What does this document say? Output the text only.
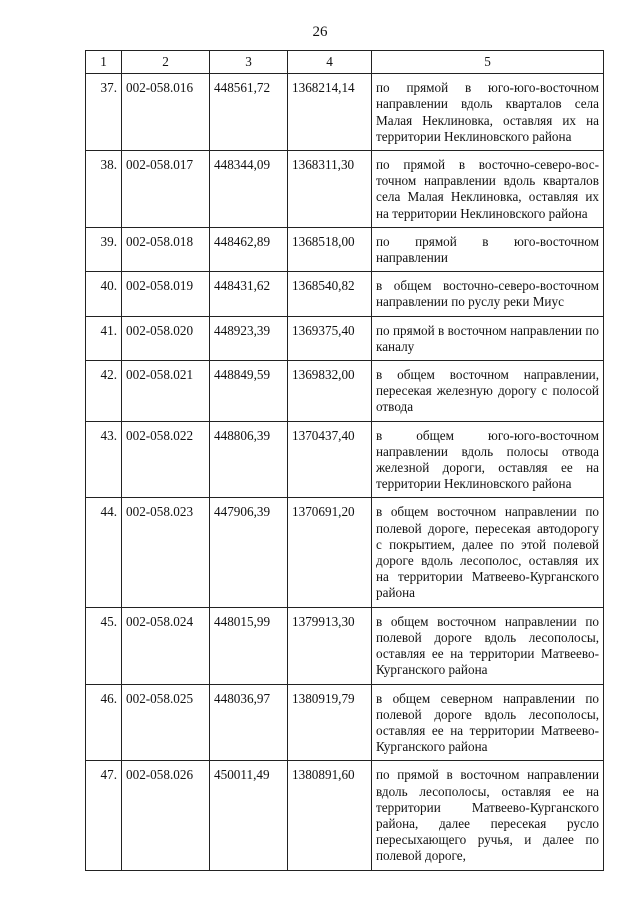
26
1	2	3	4	5
37.	002-058.016	448561,72	1368214,14	по прямой в юго-юго-восточном направлении вдоль кварталов села Малая Неклиновка, оставляя их на территории Неклиновского района
38.	002-058.017	448344,09	1368311,30	по прямой в восточно-северо-восточном направлении вдоль кварталов села Малая Неклиновка, оставляя их на территории Неклиновского района
39.	002-058.018	448462,89	1368518,00	по прямой в юго-восточном направлении
40.	002-058.019	448431,62	1368540,82	в общем восточно-северо-восточном направлении по руслу реки Миус
41.	002-058.020	448923,39	1369375,40	по прямой в восточном направлении по каналу
42.	002-058.021	448849,59	1369832,00	в общем восточном направлении, пересекая железную дорогу с полосой отвода
43.	002-058.022	448806,39	1370437,40	в общем юго-юго-восточном направлении вдоль полосы отвода железной дороги, оставляя ее на территории Неклиновского района
44.	002-058.023	447906,39	1370691,20	в общем восточном направлении по полевой дороге, пересекая автодорогу с покрытием, далее по этой полевой дорогe вдоль лесополос, оставляя их на территории Матвеево-Курганского района
45.	002-058.024	448015,99	1379913,30	в общем восточном направлении по полевой дороге вдоль лесополосы, оставляя ее на территории Матвеево-Курганского района
46.	002-058.025	448036,97	1380919,79	в общем северном направлении по полевой дороге вдоль лесополосы, оставляя ее на территории Матвеево-Курганского района
47.	002-058.026	450011,49	1380891,60	по прямой в восточном направлении вдоль лесополосы, оставляя ее на территории Матвеево-Курганского района, далее пересекая русло пересыхающего ручья, и далее по полевой дороге,
